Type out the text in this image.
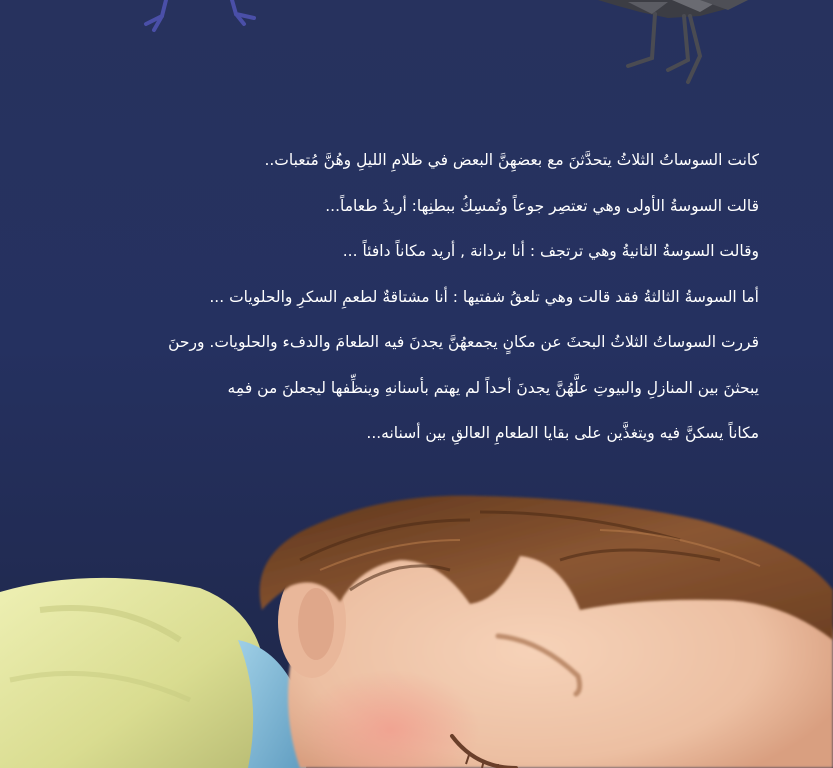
كانت السوساتُ الثلاثُ يتحدَّثنَ مع بعضهِنَّ البعض في ظلامِ الليلِ وهُنَّ مُتعبات..

قالت السوسةُ الأولى وهي تعتصِر جوعاً وتُمسِكُ ببطنِها: أريدُ طعاماً...

وقالت السوسةُ الثانيةُ وهي ترتجف : أنا بردانة , أريد مكاناً دافئاً ...

أما السوسةُ الثالثةُ فقد قالت وهي تلعقُ شفتيها : أنا مشتاقةٌ لطعمِ السكرِ والحلويات ...

قررت السوساتُ الثلاثُ البحثَ عن مكانٍ يجمعهُنَّ يجدنَ فيه الطعامَ والدفء والحلويات. ورحنَ

يبحثنَ بين المنازلِ والبيوتِ علَّهُنَّ يجدنَ أحداً لم يهتم بأسنانهِ وينظِّفها ليجعلنَ من فمِه

مكاناً يسكنَّ فيه ويتغذَّين على بقايا الطعامِ العالقِ بين أسنانه...
